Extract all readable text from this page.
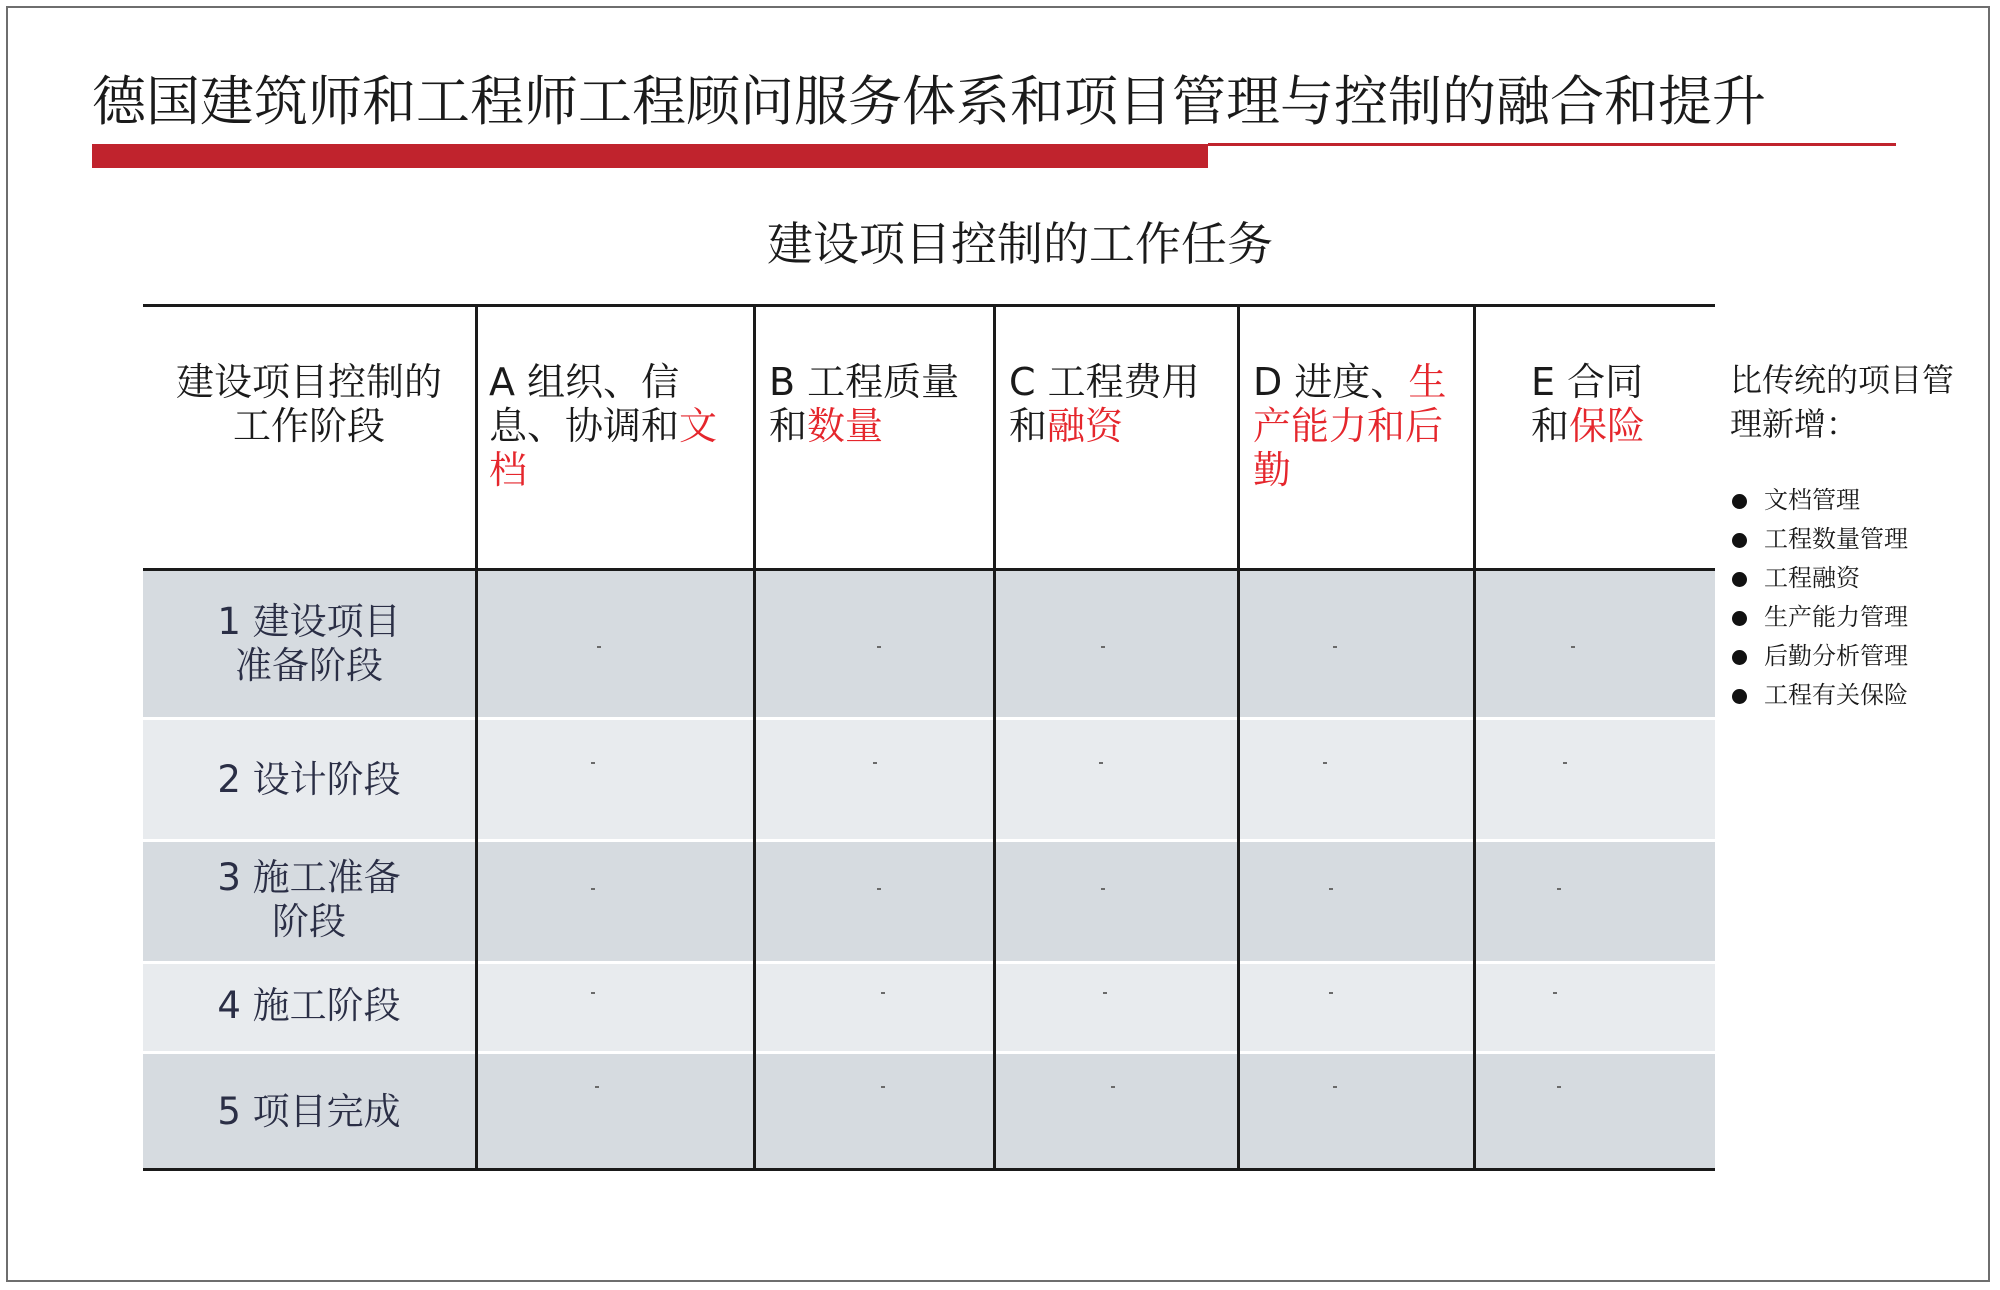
德国建筑师和工程师工程顾问服务体系和项目管理与控制的融合和提升
建设项目控制的工作任务
建设项目控制的工作阶段
A 组织、信息、协调和文档
B 工程质量和数量
C 工程费用和融资
D 进度、生产能力和后勤
E 合同和保险
1 建设项目准备阶段
2 设计阶段
3 施工准备阶段
4 施工阶段
5 项目完成
比传统的项目管理新增：
文档管理
工程数量管理
工程融资
生产能力管理
后勤分析管理
工程有关保险
